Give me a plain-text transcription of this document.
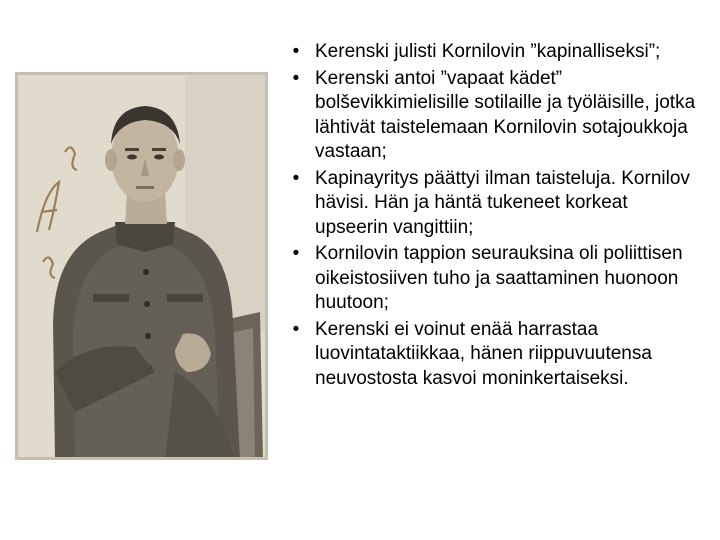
• Kerenski julisti Kornilovin ”kapinalliseksi”;
• Kerenski antoi ”vapaat kädet” bolševikkimielisille sotilaille ja työläisille, jotka lähtivät taistelemaan Kornilovin sotajoukkoja vastaan;
• Kapinayritys päättyi ilman taisteluja. Kornilov hävisi. Hän ja häntä tukeneet korkeat upseerin vangittiin;
• Kornilovin tappion seurauksina oli poliittisen oikeistosiiven tuho ja saattaminen huonoon huutoon;
• Kerenski ei voinut enää harrastaa luovintataktiikkaa, hänen riippuvuutensa neuvostosta kasvoi moninkertaiseksi.
